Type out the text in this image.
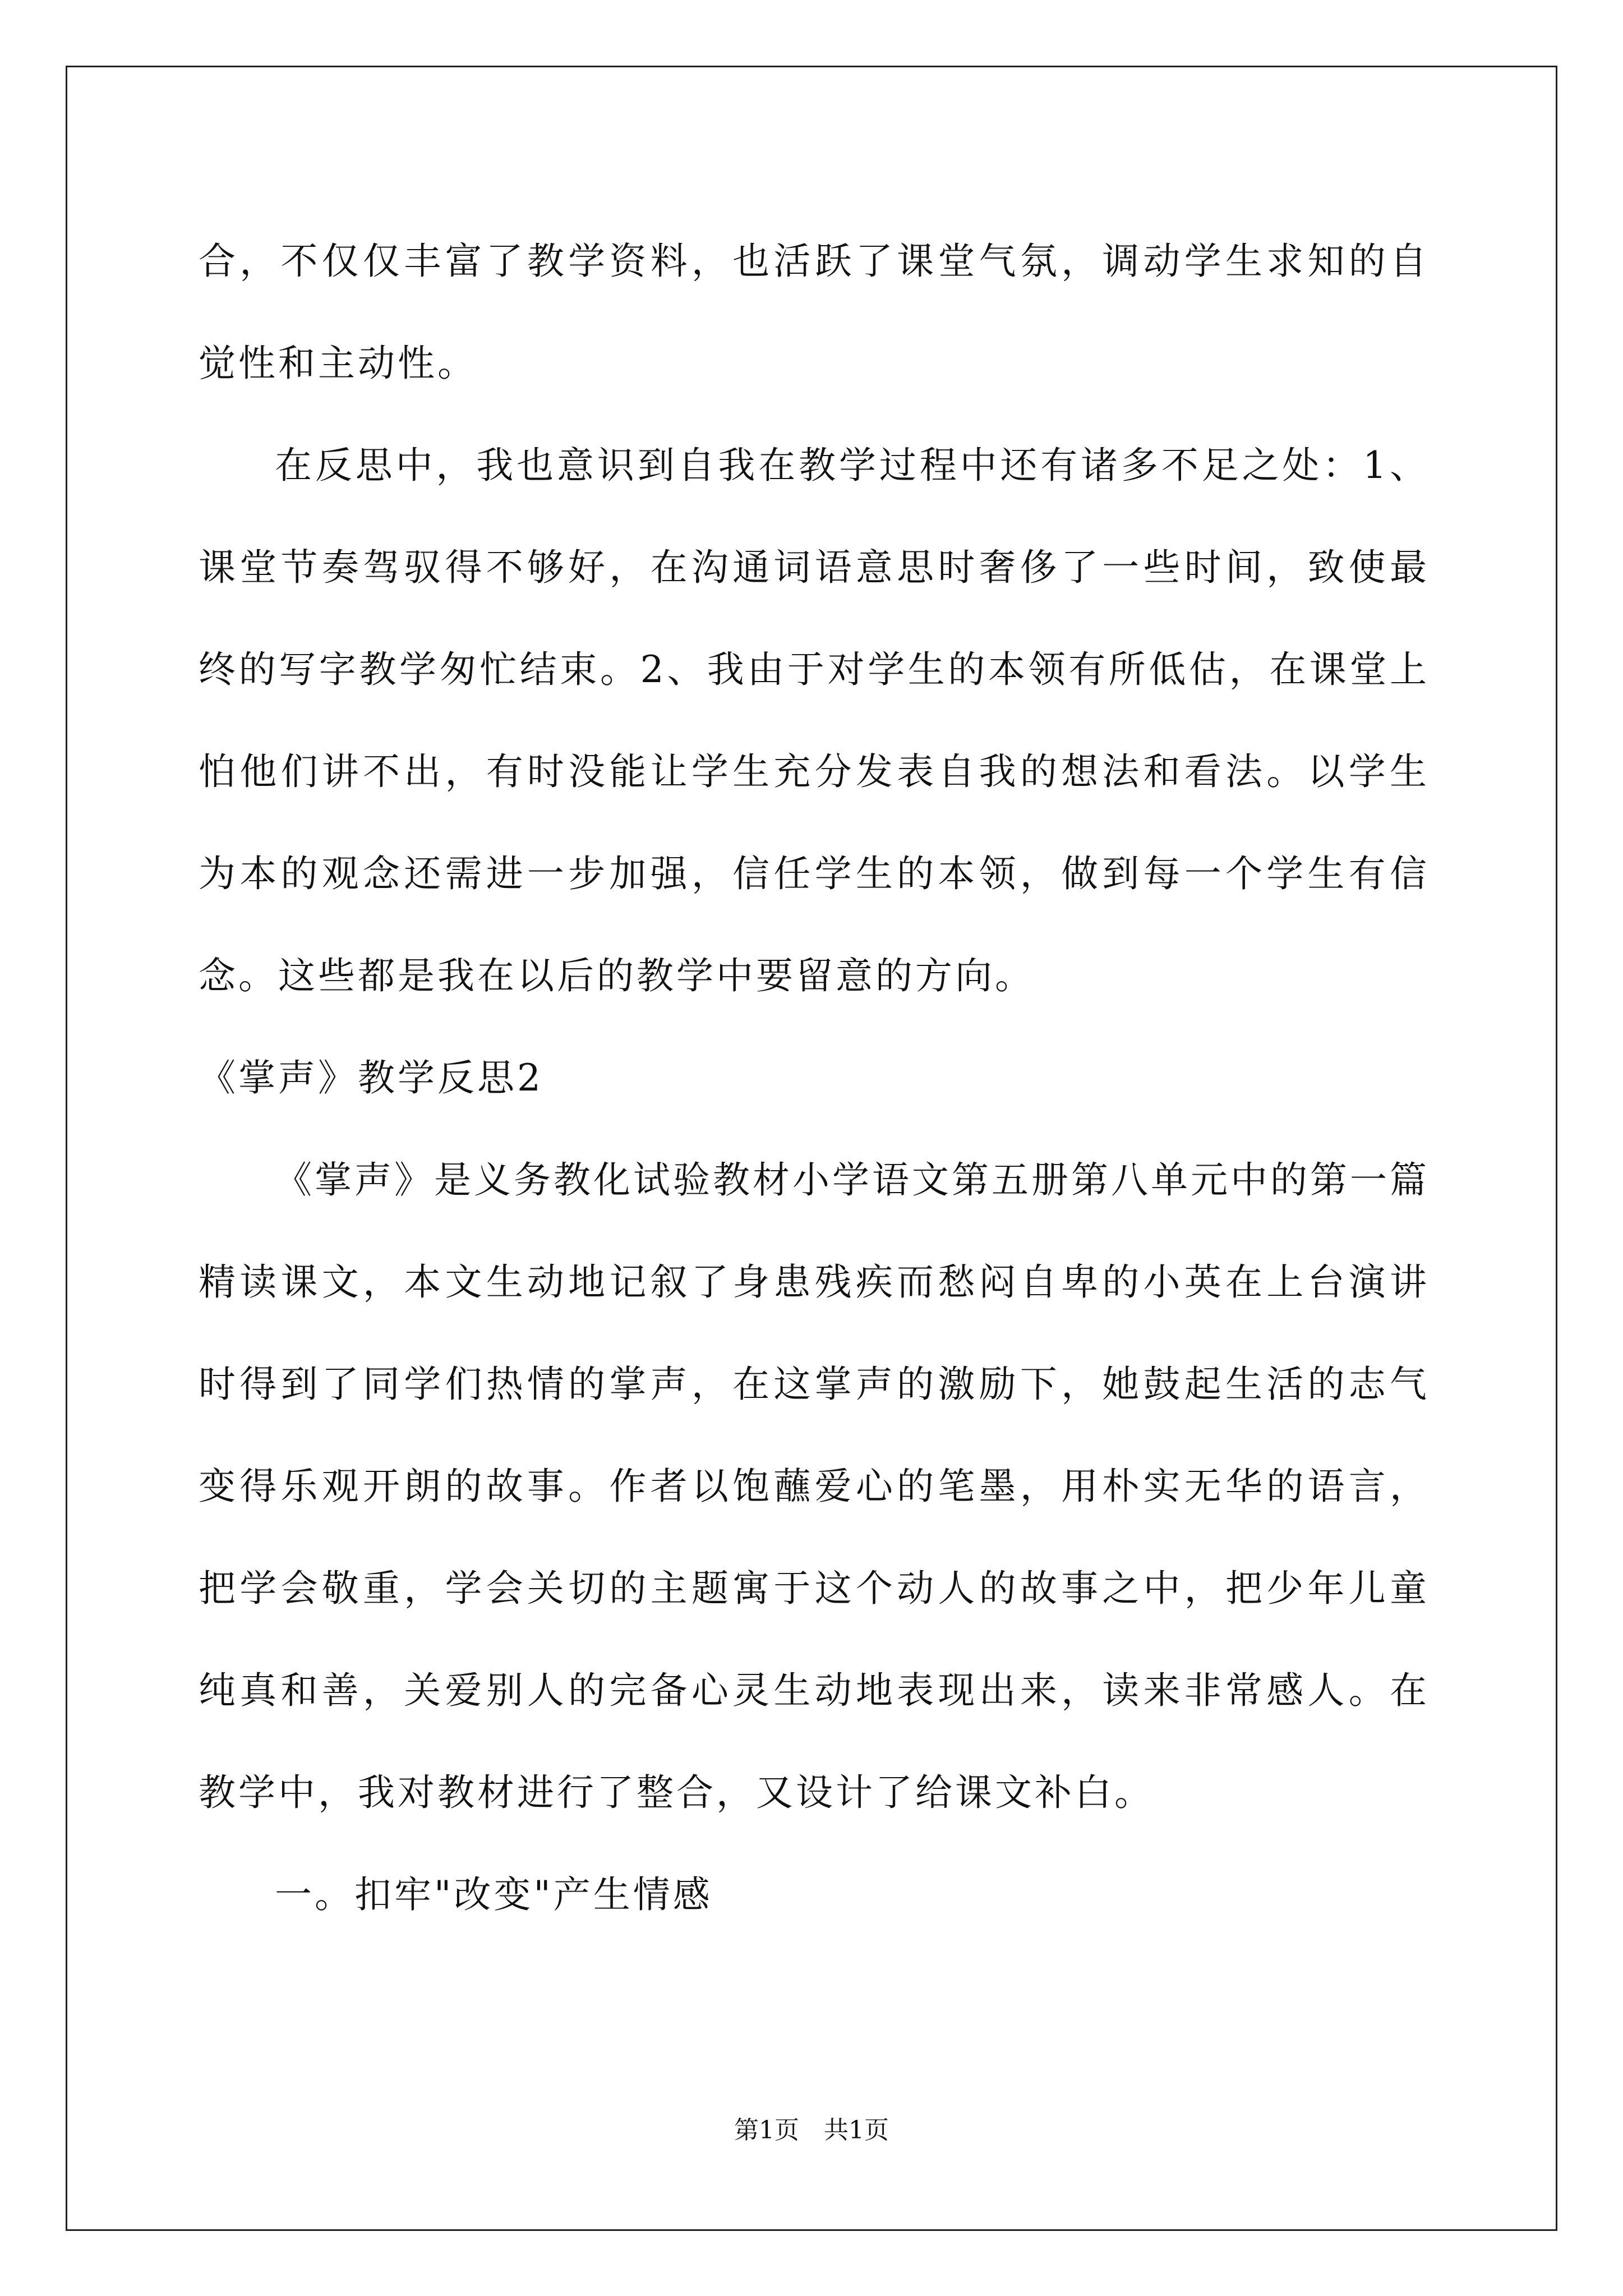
合，不仅仅丰富了教学资料，也活跃了课堂气氛，调动学生求知的自觉性和主动性。

在反思中，我也意识到自我在教学过程中还有诸多不足之处：1、课堂节奏驾驭得不够好，在沟通词语意思时奢侈了一些时间，致使最终的写字教学匆忙结束。2、我由于对学生的本领有所低估，在课堂上怕他们讲不出，有时没能让学生充分发表自我的想法和看法。以学生为本的观念还需进一步加强，信任学生的本领，做到每一个学生有信念。这些都是我在以后的教学中要留意的方向。

《掌声》教学反思2

《掌声》是义务教化试验教材小学语文第五册第八单元中的第一篇精读课文，本文生动地记叙了身患残疾而愁闷自卑的小英在上台演讲时得到了同学们热情的掌声，在这掌声的激励下，她鼓起生活的志气变得乐观开朗的故事。作者以饱蘸爱心的笔墨，用朴实无华的语言，把学会敬重，学会关切的主题寓于这个动人的故事之中，把少年儿童纯真和善，关爱别人的完备心灵生动地表现出来，读来非常感人。在教学中，我对教材进行了整合，又设计了给课文补白。

一。扣牢"改变"产生情感

第1页 共1页
